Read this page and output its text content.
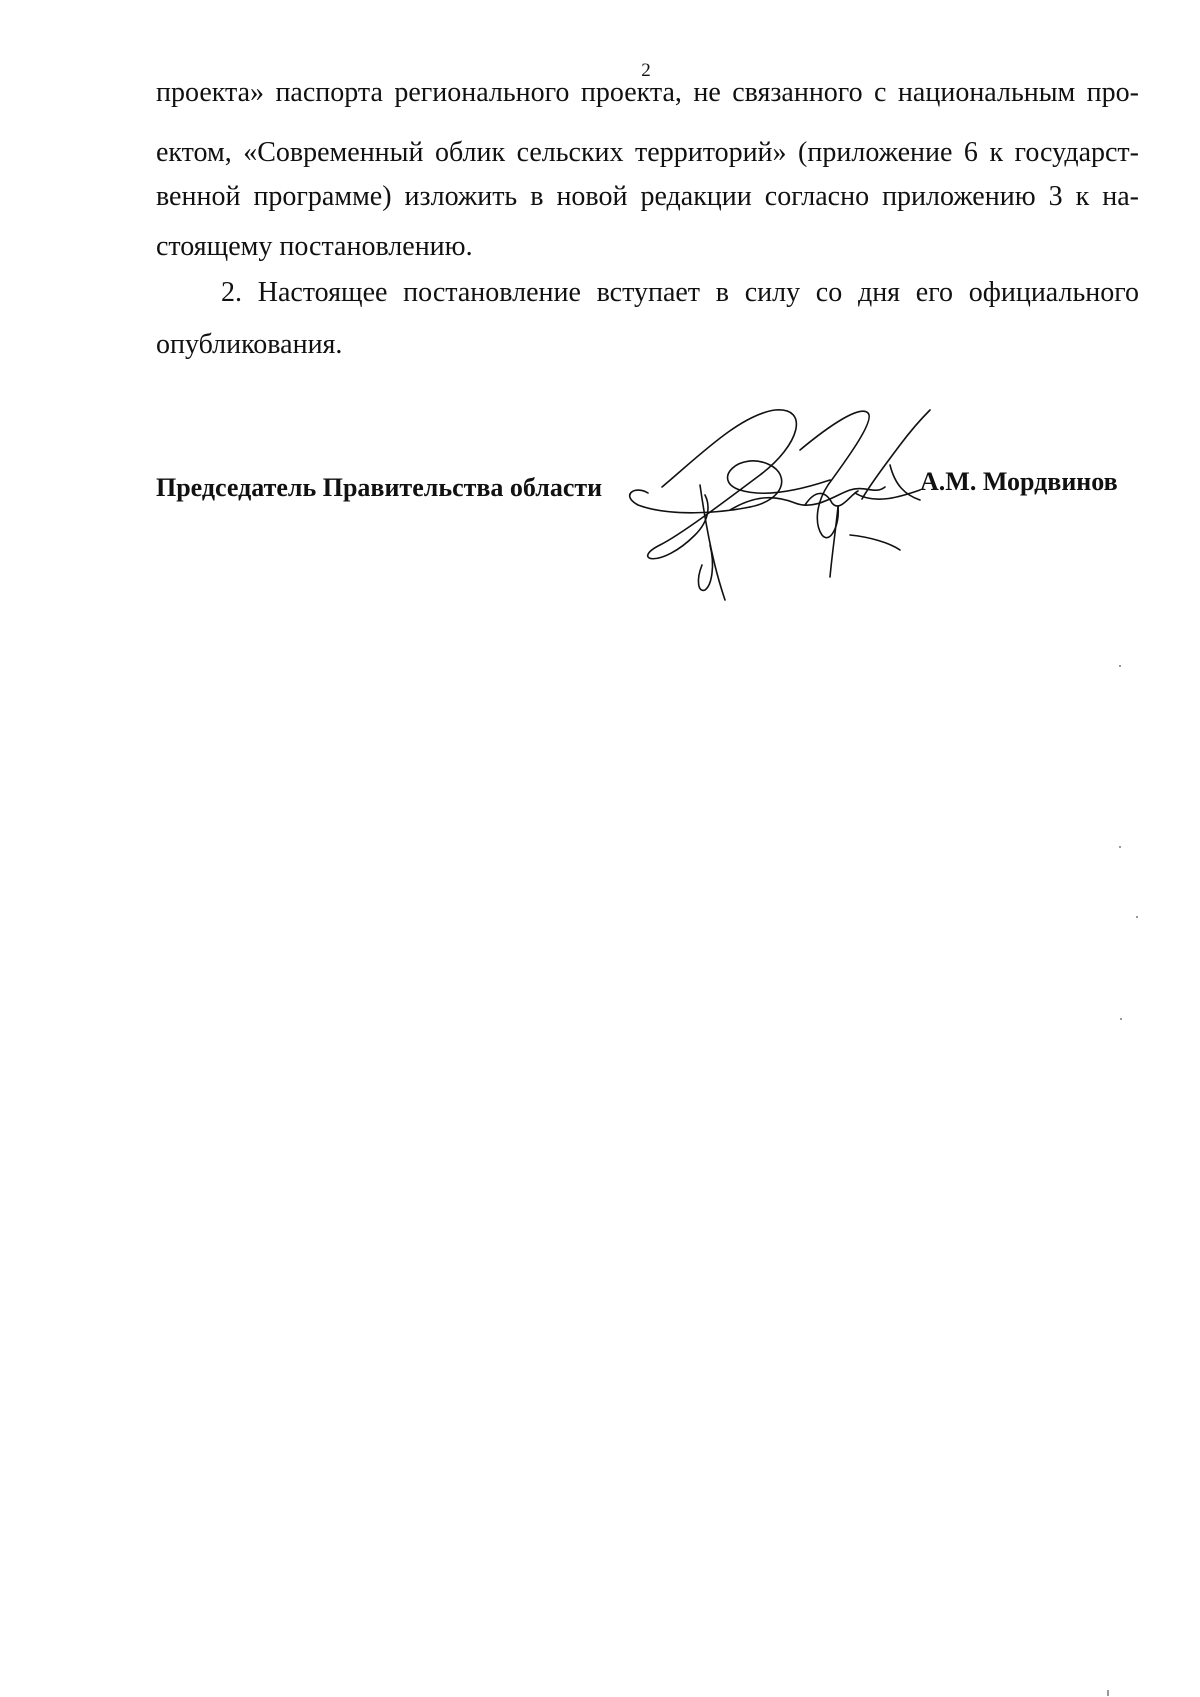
2
проекта» паспорта регионального проекта, не связанного с национальным про-
ектом, «Современный облик сельских территорий» (приложение 6 к государст-
венной программе) изложить в новой редакции согласно приложению 3 к на-
стоящему постановлению.
2. Настоящее постановление вступает в силу со дня его официального
опубликования.
Председатель Правительства области	А.М. Мордвинов
